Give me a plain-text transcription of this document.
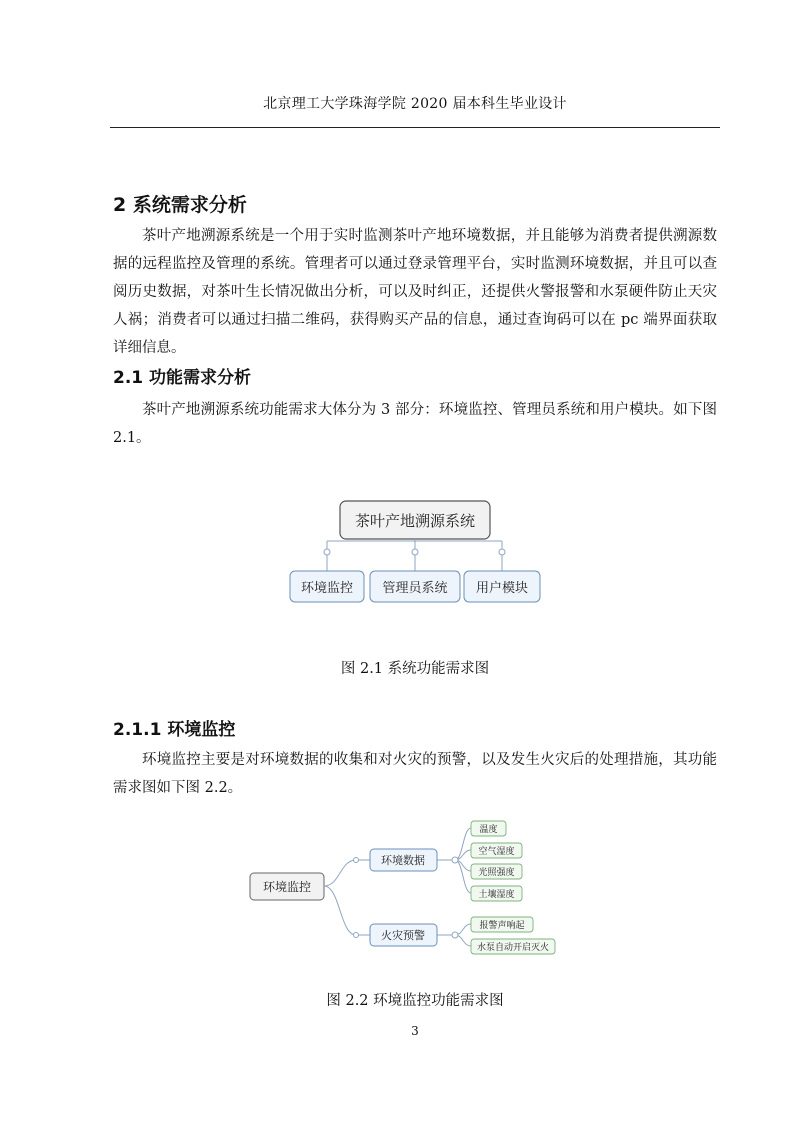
北京理工大学珠海学院 2020 届本科生毕业设计
2 系统需求分析

茶叶产地溯源系统是一个用于实时监测茶叶产地环境数据，并且能够为消费者提供溯源数据的远程监控及管理的系统。管理者可以通过登录管理平台，实时监测环境数据，并且可以查阅历史数据，对茶叶生长情况做出分析，可以及时纠正，还提供火警报警和水泵硬件防止天灾人祸；消费者可以通过扫描二维码，获得购买产品的信息，通过查询码可以在 pc 端界面获取详细信息。

2.1 功能需求分析

茶叶产地溯源系统功能需求大体分为 3 部分：环境监控、管理员系统和用户模块。如下图 2.1。

茶叶产地溯源系统
环境监控 管理员系统 用户模块
环境监控
环境数据
火灾预警
温度
空气湿度
光照强度
土壤湿度
报警声响起
水泵自动开启灭火
图 2.1 系统功能需求图
2.1.1 环境监控

环境监控主要是对环境数据的收集和对火灾的预警，以及发生火灾后的处理措施，其功能需求图如下图 2.2。

图 2.2 环境监控功能需求图
3
